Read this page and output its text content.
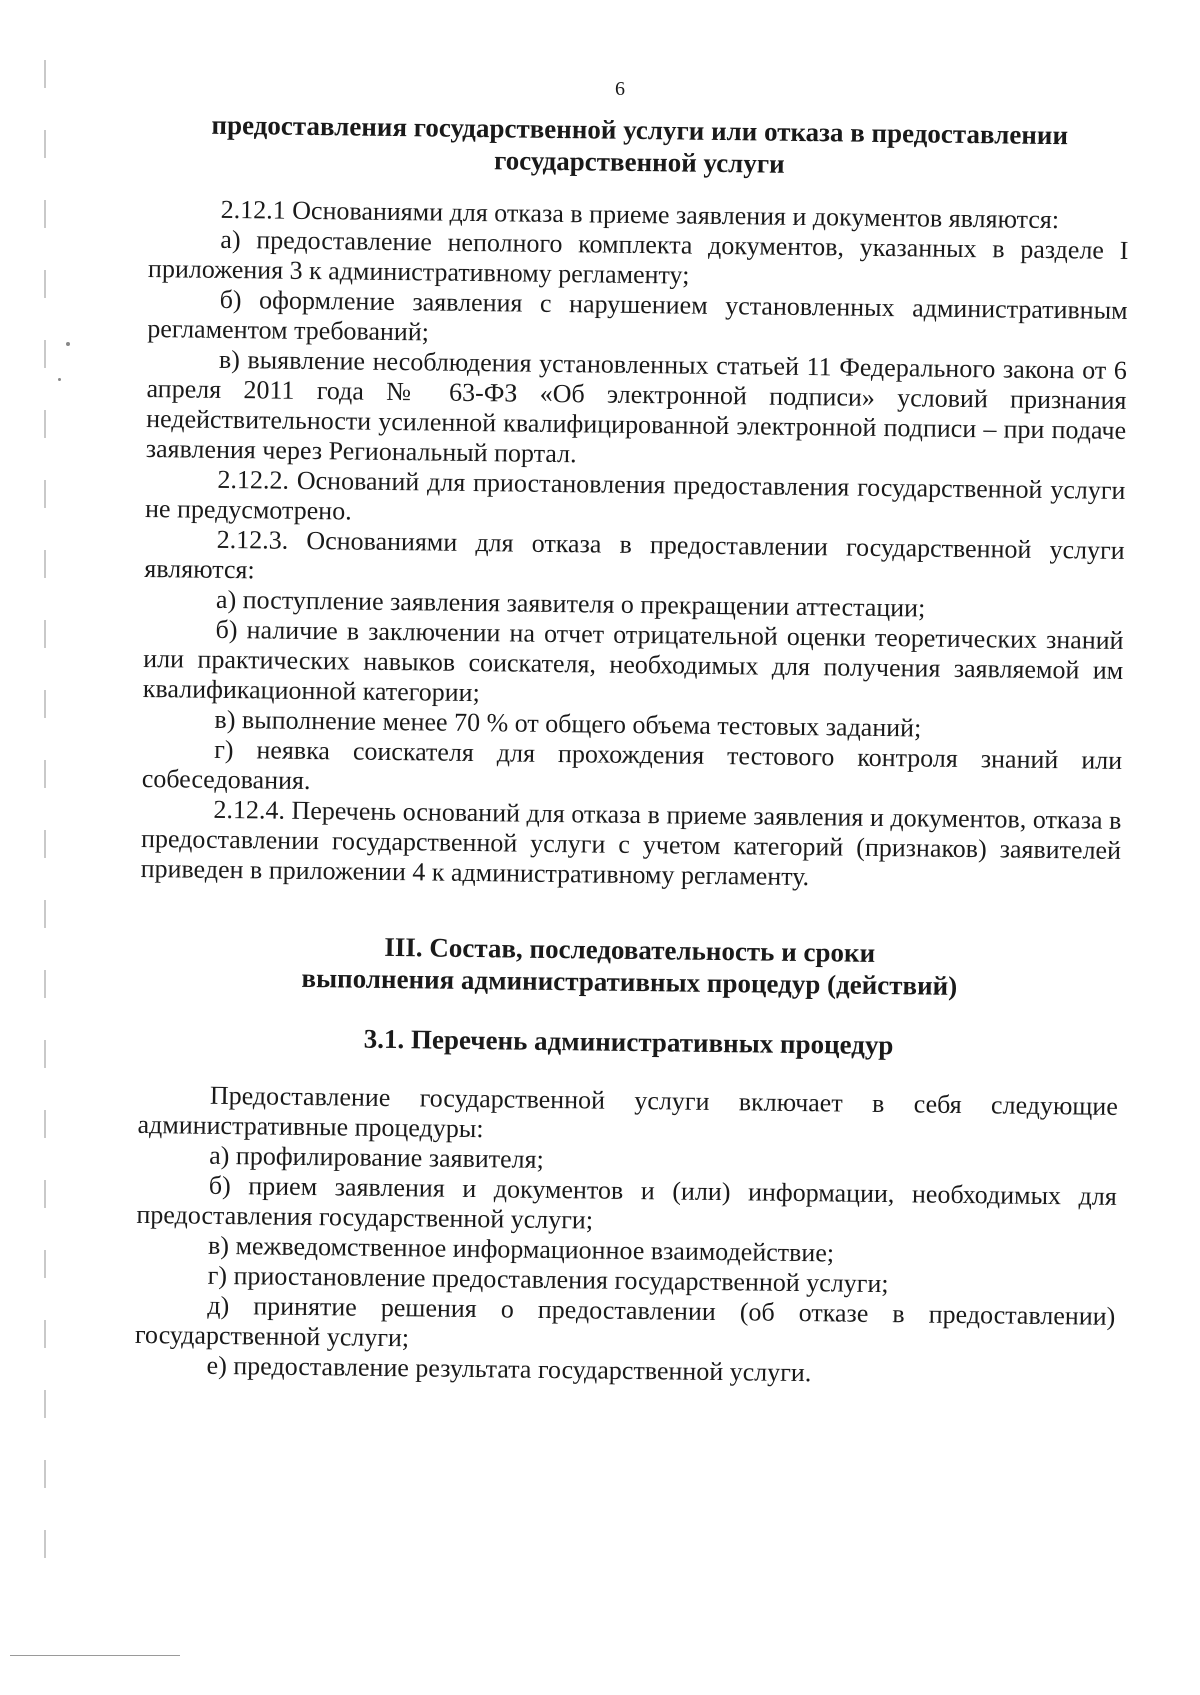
6
предоставления государственной услуги или отказа в предоставлении
государственной услуги

2.12.1 Основаниями для отказа в приеме заявления и документов являются:

а) предоставление неполного комплекта документов, указанных в разделе I приложения 3 к административному регламенту;

б) оформление заявления с нарушением установленных административным регламентом требований;

в) выявление несоблюдения установленных статьей 11 Федерального закона от 6 апреля 2011 года № 63-ФЗ «Об электронной подписи» условий признания недействительности усиленной квалифицированной электронной подписи – при подаче заявления через Региональный портал.

2.12.2. Оснований для приостановления предоставления государственной услуги не предусмотрено.

2.12.3. Основаниями для отказа в предоставлении государственной услуги являются:

а) поступление заявления заявителя о прекращении аттестации;

б) наличие в заключении на отчет отрицательной оценки теоретических знаний или практических навыков соискателя, необходимых для получения заявляемой им квалификационной категории;

в) выполнение менее 70 % от общего объема тестовых заданий;

г) неявка соискателя для прохождения тестового контроля знаний или собеседования.

2.12.4. Перечень оснований для отказа в приеме заявления и документов, отказа в предоставлении государственной услуги с учетом категорий (признаков) заявителей приведен в приложении 4 к административному регламенту.

III. Состав, последовательность и сроки
выполнения административных процедур (действий)
3.1. Перечень административных процедур

Предоставление государственной услуги включает в себя следующие административные процедуры:

а) профилирование заявителя;

б) прием заявления и документов и (или) информации, необходимых для предоставления государственной услуги;

в) межведомственное информационное взаимодействие;

г) приостановление предоставления государственной услуги;

д) принятие решения о предоставлении (об отказе в предоставлении) государственной услуги;

е) предоставление результата государственной услуги.
